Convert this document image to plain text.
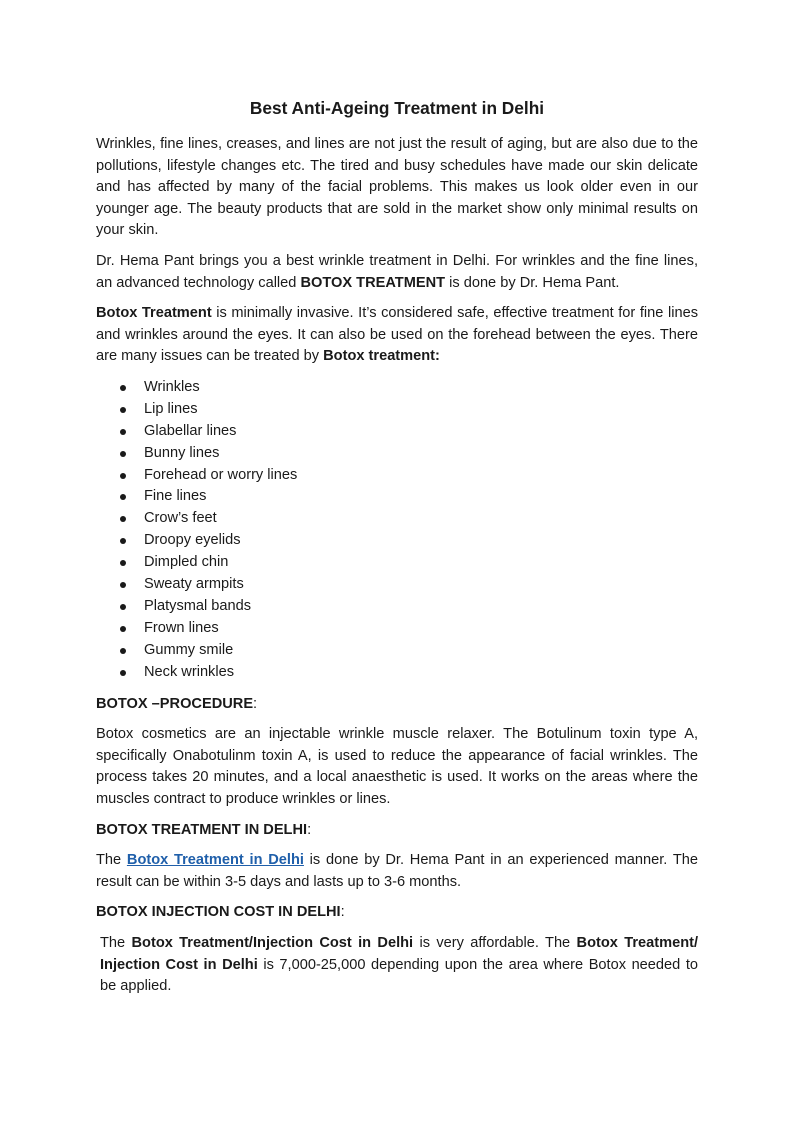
Best Anti-Ageing Treatment in Delhi

Wrinkles, fine lines, creases, and lines are not just the result of aging, but are also due to the pollutions, lifestyle changes etc. The tired and busy schedules have made our skin delicate and has affected by many of the facial problems. This makes us look older even in our younger age. The beauty products that are sold in the market show only minimal results on your skin.

Dr. Hema Pant brings you a best wrinkle treatment in Delhi. For wrinkles and the fine lines, an advanced technology called BOTOX TREATMENT is done by Dr. Hema Pant.

Botox Treatment is minimally invasive. It’s considered safe, effective treatment for fine lines and wrinkles around the eyes. It can also be used on the forehead between the eyes. There are many issues can be treated by Botox treatment:

Wrinkles
Lip lines
Glabellar lines
Bunny lines
Forehead or worry lines
Fine lines
Crow’s feet
Droopy eyelids
Dimpled chin
Sweaty armpits
Platysmal bands
Frown lines
Gummy smile
Neck wrinkles

BOTOX –PROCEDURE:

Botox cosmetics are an injectable wrinkle muscle relaxer. The Botulinum toxin type A, specifically Onabotulinm toxin A, is used to reduce the appearance of facial wrinkles. The process takes 20 minutes, and a local anaesthetic is used. It works on the areas where the muscles contract to produce wrinkles or lines.

BOTOX TREATMENT IN DELHI:

The Botox Treatment in Delhi is done by Dr. Hema Pant in an experienced manner. The result can be within 3-5 days and lasts up to 3-6 months.

BOTOX INJECTION COST IN DELHI:

The Botox Treatment/Injection Cost in Delhi is very affordable. The Botox Treatment/ Injection Cost in Delhi is 7,000-25,000 depending upon the area where Botox needed to be applied.
